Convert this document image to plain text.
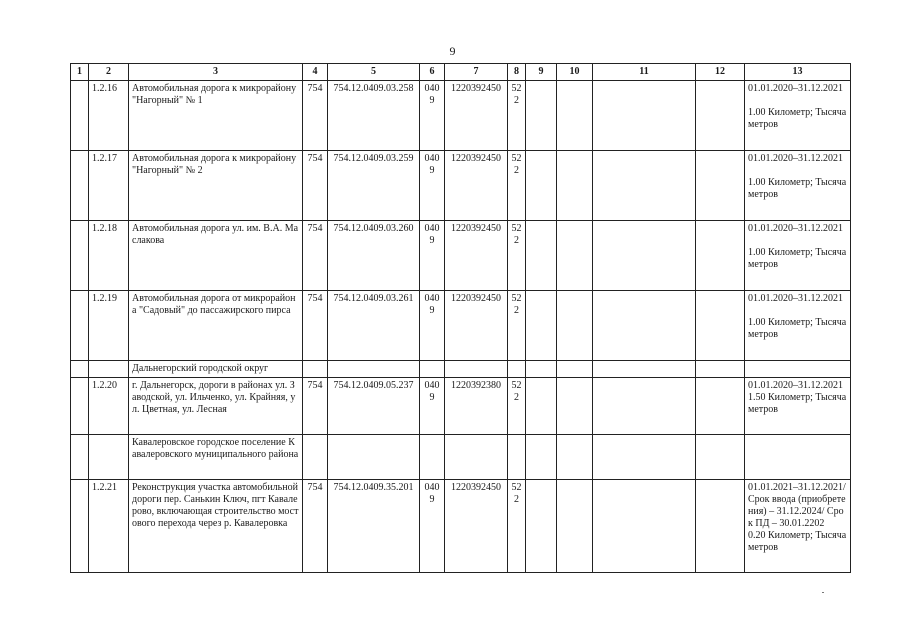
9
1	2	3	4	5	6	7	8	9	10	11	12	13
	1.2.16	Автомобильная дорога к микрорайону "Нагорный" № 1	754	754.12.0409.03.258	0409	1220392450	522					01.01.2020–31.12.2021
1.00 Километр; Тысяча метров

	1.2.17	Автомобильная дорога к микрорайону "Нагорный" № 2	754	754.12.0409.03.259	0409	1220392450	522					01.01.2020–31.12.2021
1.00 Километр; Тысяча метров

	1.2.18	Автомобильная дорога ул. им. В.А. Маслакова	754	754.12.0409.03.260	0409	1220392450	522					01.01.2020–31.12.2021
1.00 Километр; Тысяча метров

	1.2.19	Автомобильная дорога от микрорайона "Садовый" до пассажирского пирса	754	754.12.0409.03.261	0409	1220392450	522					01.01.2020–31.12.2021
1.00 Километр; Тысяча метров

		Дальнегорский городской округ										
	1.2.20	г. Дальнегорск, дороги в районах ул. Заводской, ул. Ильченко, ул. Крайняя, ул. Цветная, ул. Лесная	754	754.12.0409.05.237	0409	1220392380	522					01.01.2020–31.12.2021
1.50 Километр; Тысяча метров

		Кавалеровское городское поселение Кавалеровского муниципального района										
	1.2.21	Реконструкция участка автомобильной дороги пер. Санькин Ключ, пгт Кавалерово, включающая строительство мостового перехода через р. Кавалеровка	754	754.12.0409.35.201	0409	1220392450	522					01.01.2021–31.12.2021/ Срок ввода (приобретения) – 31.12.2024/ Срок ПД – 30.01.2202
0.20 Километр; Тысяча метров
